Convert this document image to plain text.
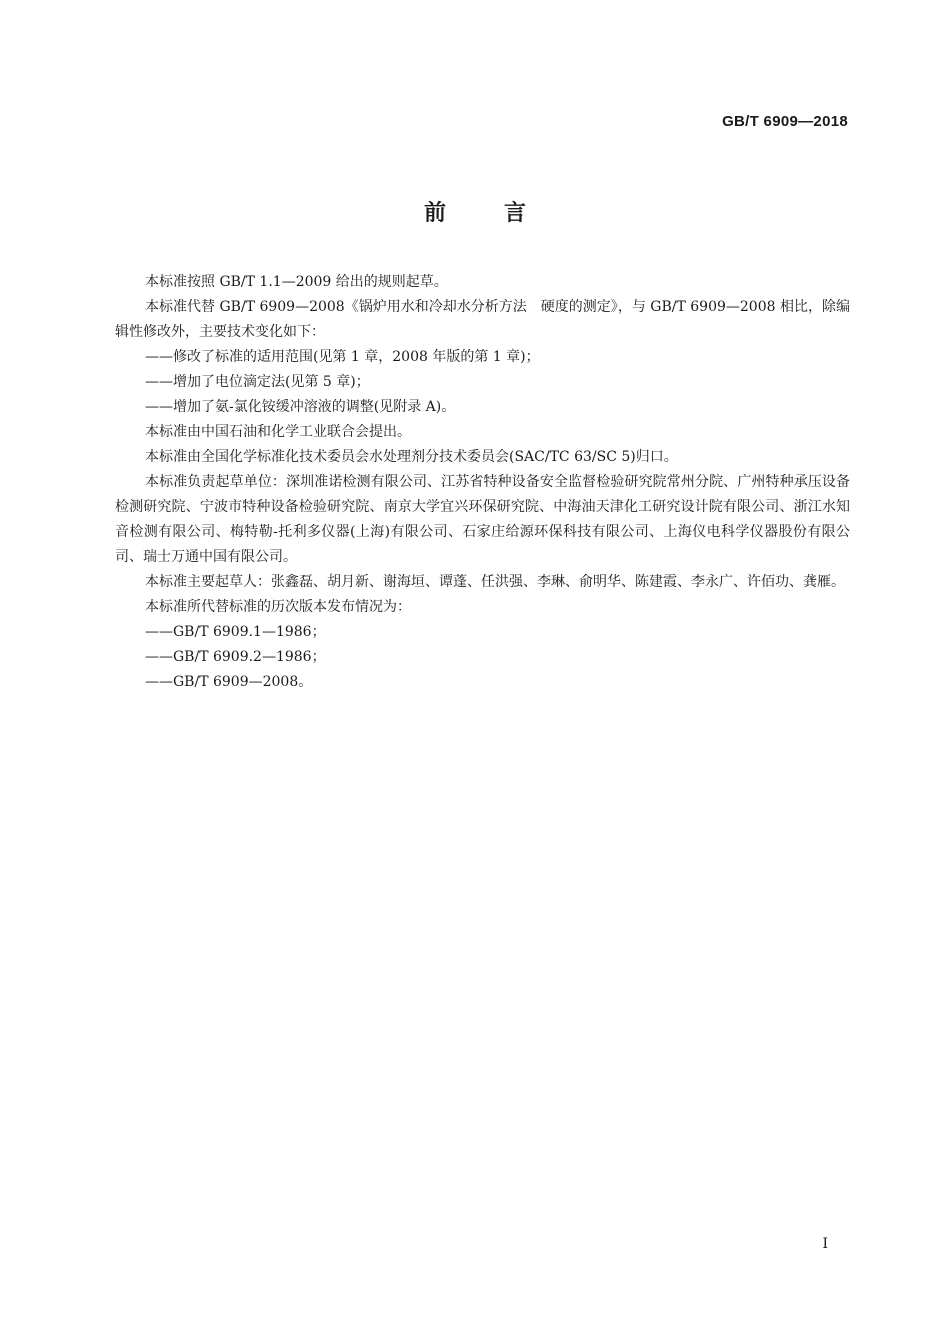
GB/T 6909—2018
前	言

本标准按照 GB/T 1.1—2009 给出的规则起草。

本标准代替 GB/T 6909—2008《锅炉用水和冷却水分析方法　硬度的测定》，与 GB/T 6909—2008 相比，除编辑性修改外，主要技术变化如下：

——修改了标准的适用范围(见第 1 章，2008 年版的第 1 章)；

——增加了电位滴定法(见第 5 章)；

——增加了氨-氯化铵缓冲溶液的调整(见附录 A)。

本标准由中国石油和化学工业联合会提出。

本标准由全国化学标准化技术委员会水处理剂分技术委员会(SAC/TC 63/SC 5)归口。

本标准负责起草单位：深圳准诺检测有限公司、江苏省特种设备安全监督检验研究院常州分院、广州特种承压设备检测研究院、宁波市特种设备检验研究院、南京大学宜兴环保研究院、中海油天津化工研究设计院有限公司、浙江水知音检测有限公司、梅特勒-托利多仪器(上海)有限公司、石家庄给源环保科技有限公司、上海仪电科学仪器股份有限公司、瑞士万通中国有限公司。

本标准主要起草人：张鑫磊、胡月新、谢海垣、谭蓬、任洪强、李琳、俞明华、陈建霞、李永广、许佰功、龚雁。

本标准所代替标准的历次版本发布情况为：

——GB/T 6909.1—1986；

——GB/T 6909.2—1986；

——GB/T 6909—2008。

I
